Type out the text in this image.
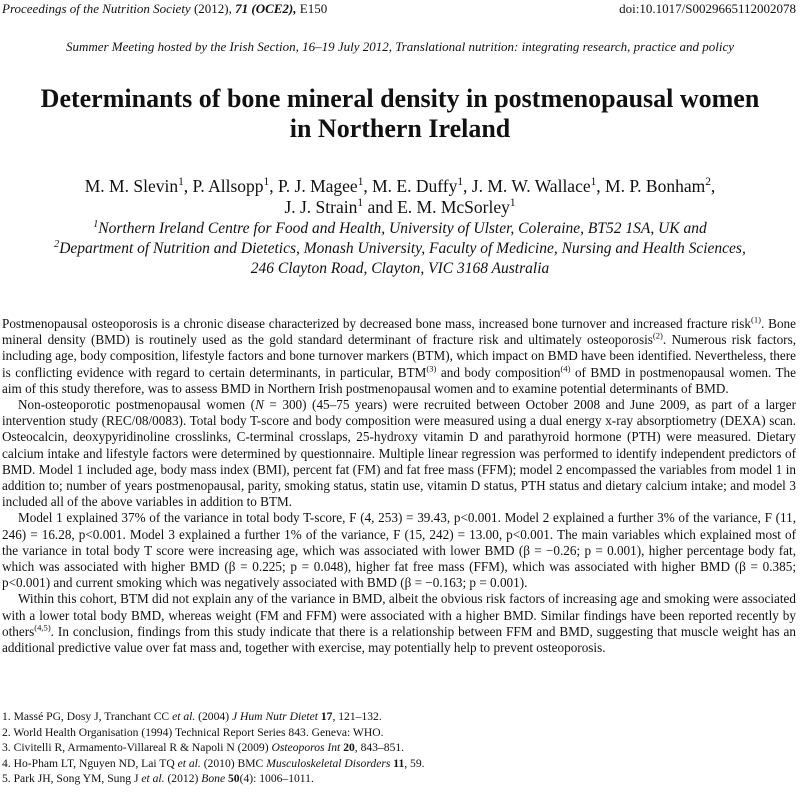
Proceedings of the Nutrition Society (2012), 71 (OCE2), E150	doi:10.1017/S0029665112002078
Summer Meeting hosted by the Irish Section, 16–19 July 2012, Translational nutrition: integrating research, practice and policy
Determinants of bone mineral density in postmenopausal women
in Northern Ireland
M. M. Slevin$^1$, P. Allsopp$^1$, P. J. Magee$^1$, M. E. Duffy$^1$, J. M. W. Wallace$^1$, M. P. Bonham$^2$,
J. J. Strain$^1$ and E. M. McSorley$^1$
$^1$Northern Ireland Centre for Food and Health, University of Ulster, Coleraine, BT52 1SA, UK and
$^2$Department of Nutrition and Dietetics, Monash University, Faculty of Medicine, Nursing and Health Sciences,
246 Clayton Road, Clayton, VIC 3168 Australia

Postmenopausal osteoporosis is a chronic disease characterized by decreased bone mass, increased bone turnover and increased fracture risk$^{(1)}$. Bone mineral density (BMD) is routinely used as the gold standard determinant of fracture risk and ultimately osteoporosis$^{(2)}$. Numerous risk factors, including age, body composition, lifestyle factors and bone turnover markers (BTM), which impact on BMD have been identified. Nevertheless, there is conflicting evidence with regard to certain determinants, in particular, BTM$^{(3)}$ and body composition$^{(4)}$ of BMD in postmenopausal women. The aim of this study therefore, was to assess BMD in Northern Irish postmenopausal women and to examine potential determinants of BMD.

Non-osteoporotic postmenopausal women (N = 300) (45–75 years) were recruited between October 2008 and June 2009, as part of a larger intervention study (REC/08/0083). Total body T-score and body composition were measured using a dual energy x-ray absorptiometry (DEXA) scan. Osteocalcin, deoxypyridinoline crosslinks, C-terminal crosslaps, 25-hydroxy vitamin D and parathyroid hormone (PTH) were measured. Dietary calcium intake and lifestyle factors were determined by questionnaire. Multiple linear regression was performed to identify independent predictors of BMD. Model 1 included age, body mass index (BMI), percent fat (FM) and fat free mass (FFM); model 2 encompassed the variables from model 1 in addition to; number of years postmenopausal, parity, smoking status, statin use, vitamin D status, PTH status and dietary calcium intake; and model 3 included all of the above variables in addition to BTM.

Model 1 explained 37% of the variance in total body T-score, F (4, 253) = 39.43, p<0.001. Model 2 explained a further 3% of the variance, F (11, 246) = 16.28, p<0.001. Model 3 explained a further 1% of the variance, F (15, 242) = 13.00, p<0.001. The main variables which explained most of the variance in total body T score were increasing age, which was associated with lower BMD (β = −0.26; p = 0.001), higher percentage body fat, which was associated with higher BMD (β = 0.225; p = 0.048), higher fat free mass (FFM), which was associated with higher BMD (β = 0.385; p<0.001) and current smoking which was negatively associated with BMD (β = −0.163; p = 0.001).

Within this cohort, BTM did not explain any of the variance in BMD, albeit the obvious risk factors of increasing age and smoking were associated with a lower total body BMD, whereas weight (FM and FFM) were associated with a higher BMD. Similar findings have been reported recently by others$^{(4,5)}$. In conclusion, findings from this study indicate that there is a relationship between FFM and BMD, suggesting that muscle weight has an additional predictive value over fat mass and, together with exercise, may potentially help to prevent osteoporosis.

1. Massé PG, Dosy J, Tranchant CC et al. (2004) J Hum Nutr Dietet 17, 121–132.
2. World Health Organisation (1994) Technical Report Series 843. Geneva: WHO.
3. Civitelli R, Armamento-Villareal R & Napoli N (2009) Osteoporos Int 20, 843–851.
4. Ho-Pham LT, Nguyen ND, Lai TQ et al. (2010) BMC Musculoskeletal Disorders 11, 59.
5. Park JH, Song YM, Sung J et al. (2012) Bone 50(4): 1006–1011.
